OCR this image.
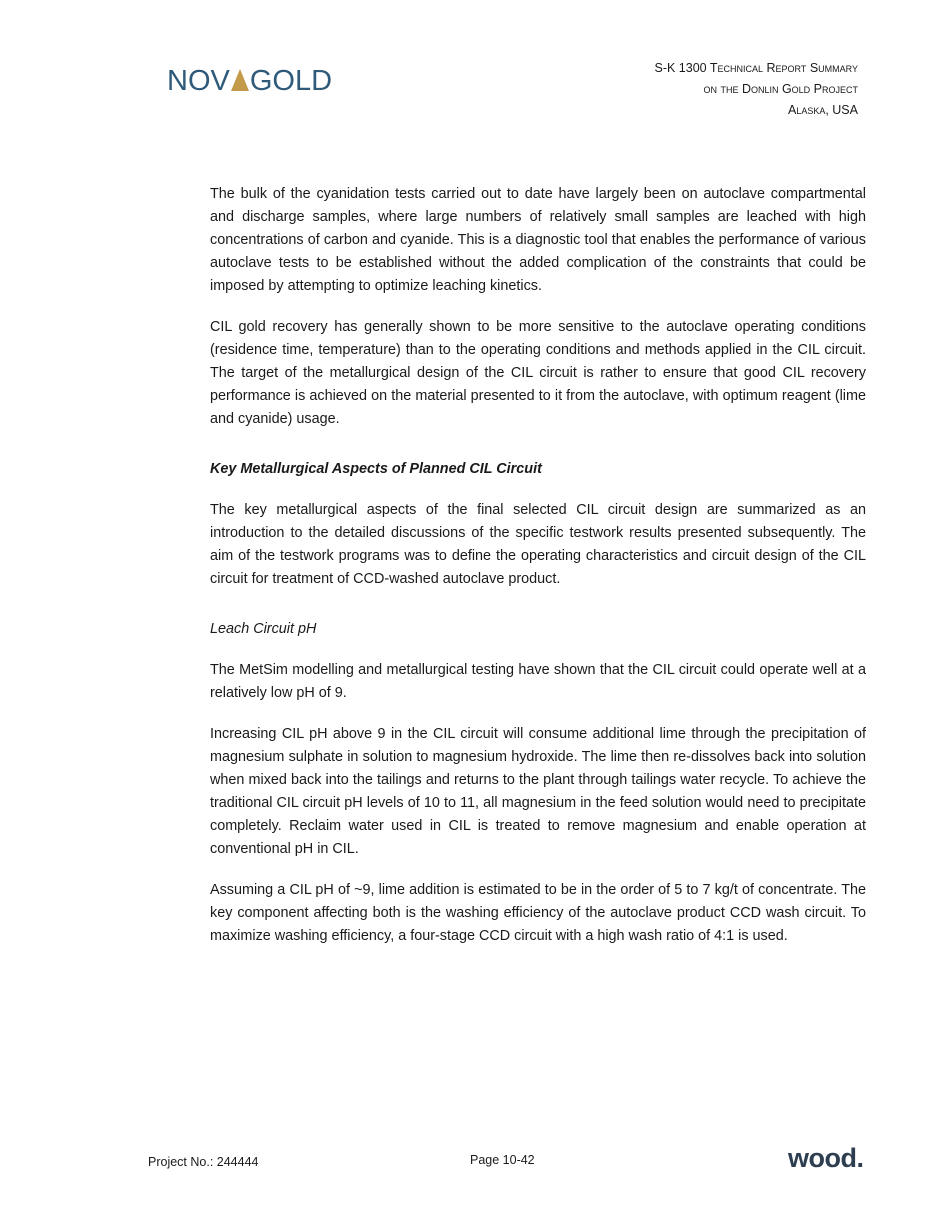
NOV GOLD	S-K 1300 Technical Report Summary
on the Donlin Gold Project
Alaska, USA

The bulk of the cyanidation tests carried out to date have largely been on autoclave compartmental and discharge samples, where large numbers of relatively small samples are leached with high concentrations of carbon and cyanide. This is a diagnostic tool that enables the performance of various autoclave tests to be established without the added complication of the constraints that could be imposed by attempting to optimize leaching kinetics.

CIL gold recovery has generally shown to be more sensitive to the autoclave operating conditions (residence time, temperature) than to the operating conditions and methods applied in the CIL circuit. The target of the metallurgical design of the CIL circuit is rather to ensure that good CIL recovery performance is achieved on the material presented to it from the autoclave, with optimum reagent (lime and cyanide) usage.

Key Metallurgical Aspects of Planned CIL Circuit

The key metallurgical aspects of the final selected CIL circuit design are summarized as an introduction to the detailed discussions of the specific testwork results presented subsequently. The aim of the testwork programs was to define the operating characteristics and circuit design of the CIL circuit for treatment of CCD-washed autoclave product.

Leach Circuit pH

The MetSim modelling and metallurgical testing have shown that the CIL circuit could operate well at a relatively low pH of 9.

Increasing CIL pH above 9 in the CIL circuit will consume additional lime through the precipitation of magnesium sulphate in solution to magnesium hydroxide. The lime then re-dissolves back into solution when mixed back into the tailings and returns to the plant through tailings water recycle. To achieve the traditional CIL circuit pH levels of 10 to 11, all magnesium in the feed solution would need to precipitate completely. Reclaim water used in CIL is treated to remove magnesium and enable operation at conventional pH in CIL.

Assuming a CIL pH of ~9, lime addition is estimated to be in the order of 5 to 7 kg/t of concentrate. The key component affecting both is the washing efficiency of the autoclave product CCD wash circuit. To maximize washing efficiency, a four-stage CCD circuit with a high wash ratio of 4:1 is used.

Project No.: 244444	Page 10-42	wood.
